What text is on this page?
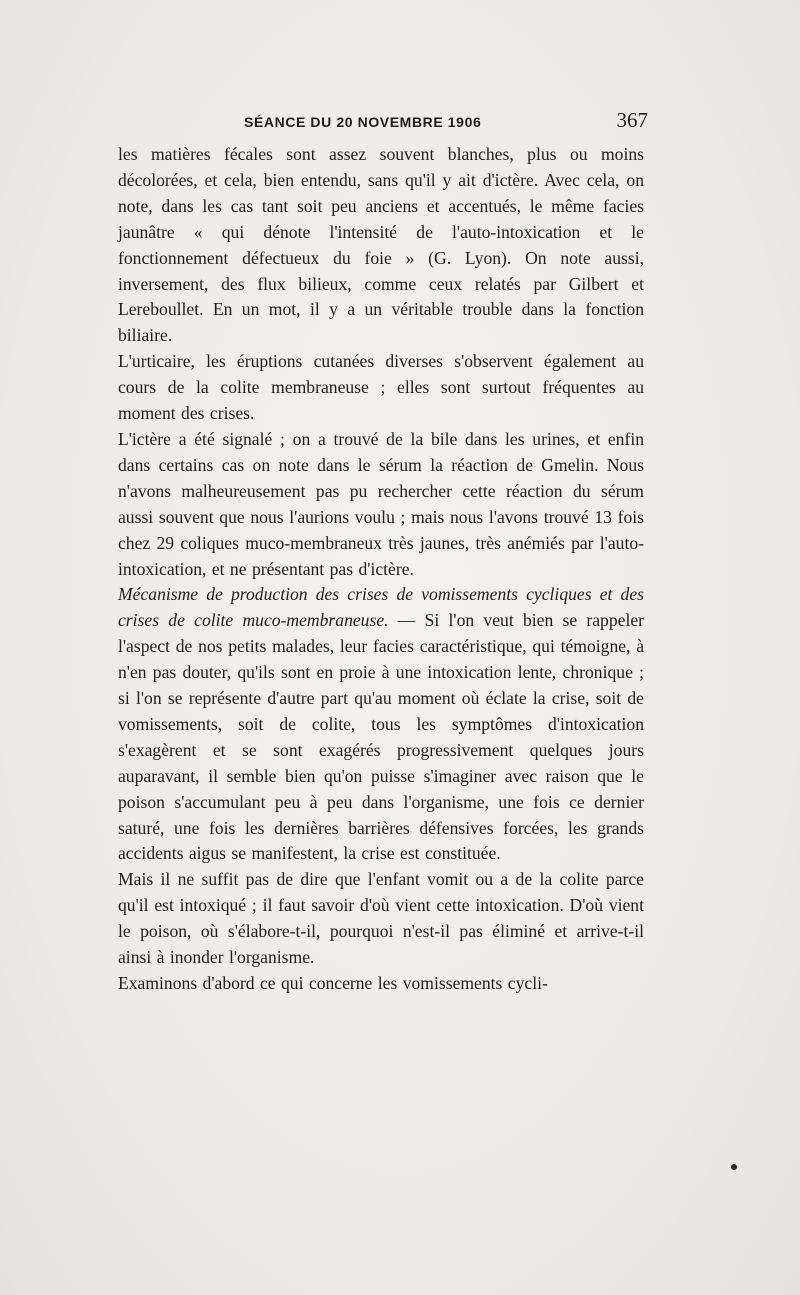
SÉANCE DU 20 NOVEMBRE 1906	367

les matières fécales sont assez souvent blanches, plus ou moins décolorées, et cela, bien entendu, sans qu'il y ait d'ictère. Avec cela, on note, dans les cas tant soit peu anciens et accentués, le même facies jaunâtre « qui dénote l'intensité de l'auto-intoxication et le fonctionnement défectueux du foie » (G. Lyon). On note aussi, inversement, des flux bilieux, comme ceux relatés par Gilbert et Lereboullet. En un mot, il y a un véritable trouble dans la fonction biliaire.

L'urticaire, les éruptions cutanées diverses s'observent également au cours de la colite membraneuse ; elles sont surtout fréquentes au moment des crises.

L'ictère a été signalé ; on a trouvé de la bile dans les urines, et enfin dans certains cas on note dans le sérum la réaction de Gmelin. Nous n'avons malheureusement pas pu rechercher cette réaction du sérum aussi souvent que nous l'aurions voulu ; mais nous l'avons trouvé 13 fois chez 29 coliques muco-membraneux très jaunes, très anémiés par l'auto-intoxication, et ne présentant pas d'ictère.

Mécanisme de production des crises de vomissements cycliques et des crises de colite muco-membraneuse. — Si l'on veut bien se rappeler l'aspect de nos petits malades, leur facies caractéristique, qui témoigne, à n'en pas douter, qu'ils sont en proie à une intoxication lente, chronique ; si l'on se représente d'autre part qu'au moment où éclate la crise, soit de vomissements, soit de colite, tous les symptômes d'intoxication s'exagèrent et se sont exagérés progressivement quelques jours auparavant, il semble bien qu'on puisse s'imaginer avec raison que le poison s'accumulant peu à peu dans l'organisme, une fois ce dernier saturé, une fois les dernières barrières défensives forcées, les grands accidents aigus se manifestent, la crise est constituée.

Mais il ne suffit pas de dire que l'enfant vomit ou a de la colite parce qu'il est intoxiqué ; il faut savoir d'où vient cette intoxication. D'où vient le poison, où s'élabore-t-il, pourquoi n'est-il pas éliminé et arrive-t-il ainsi à inonder l'organisme.

Examinons d'abord ce qui concerne les vomissements cycli-
